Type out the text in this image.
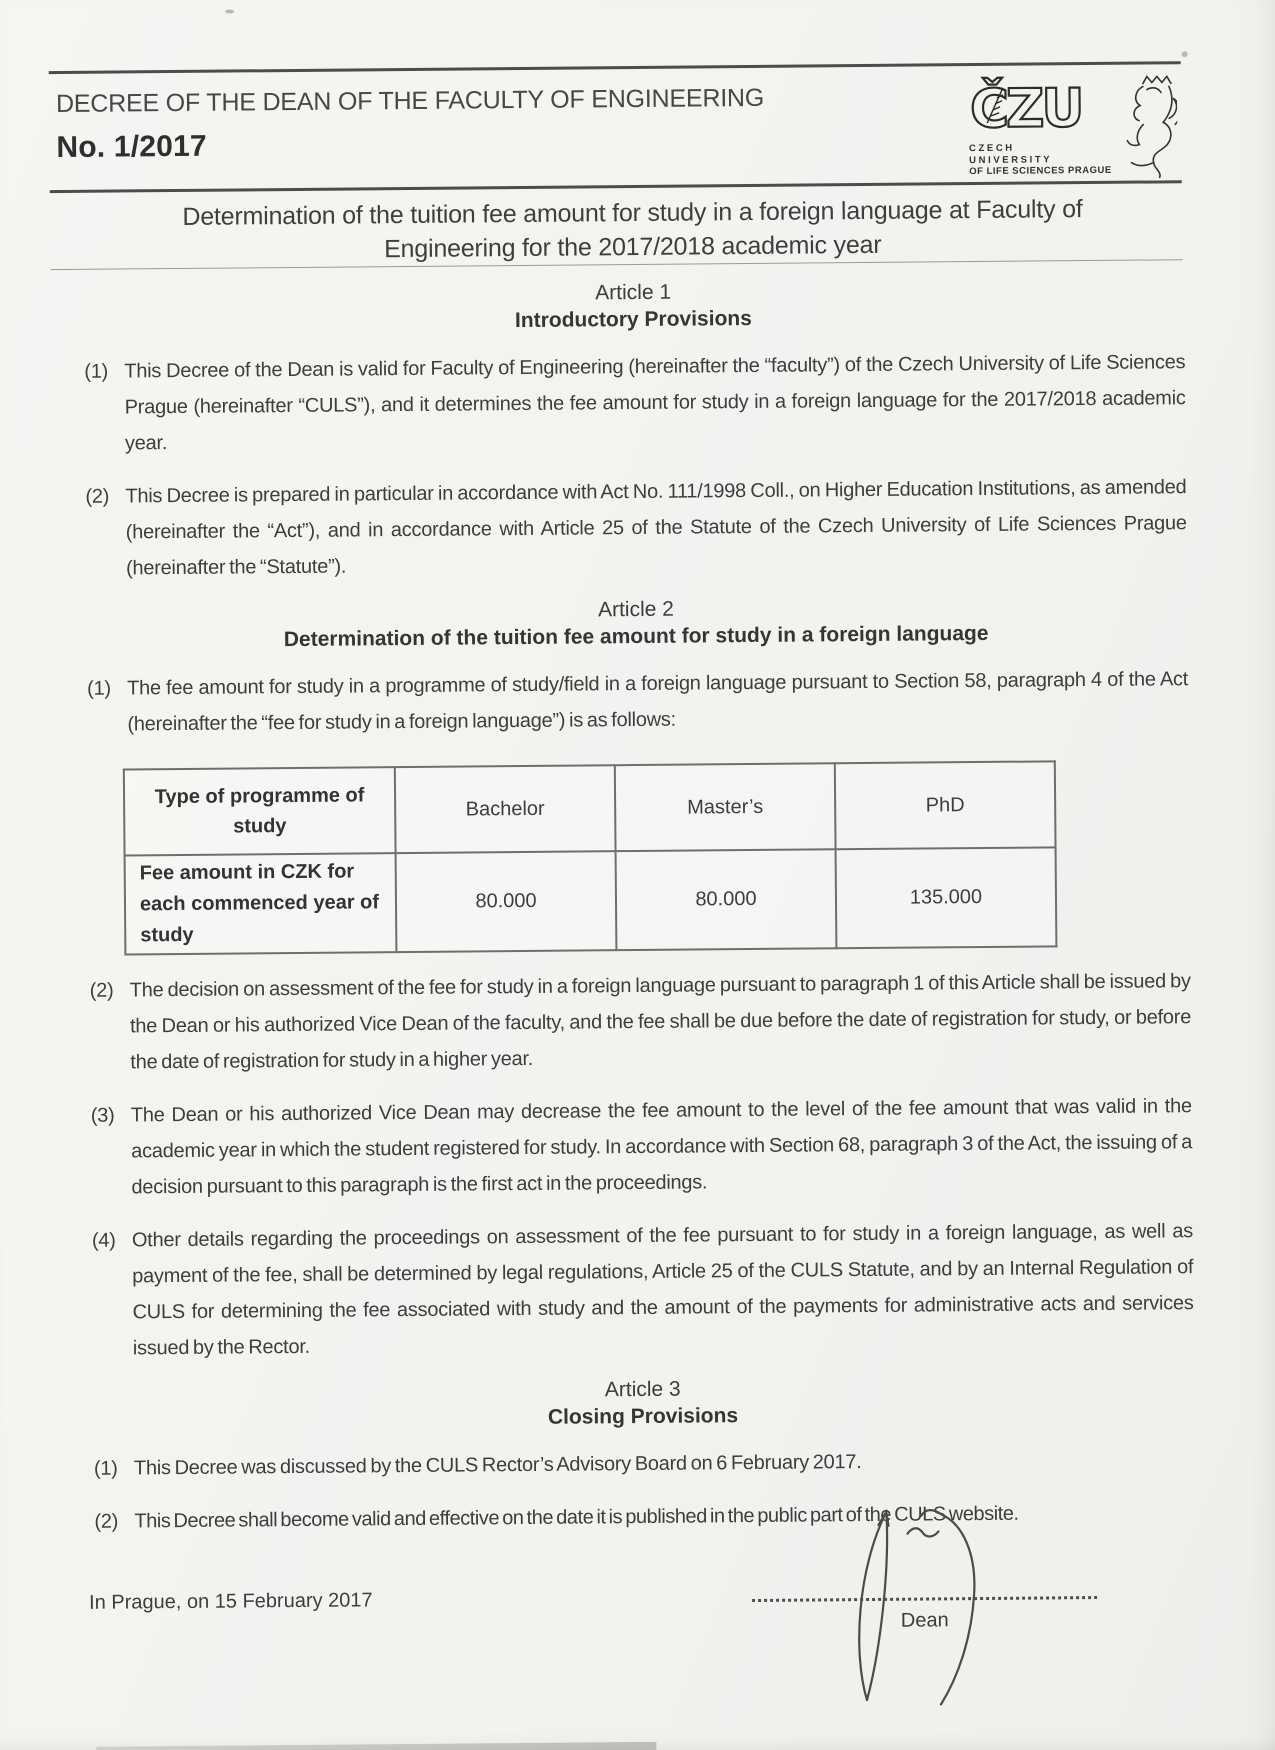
DECREE OF THE DEAN OF THE FACULTY OF ENGINEERING
No. 1/2017
ČZU
CZECH
UNIVERSITY
OF LIFE SCIENCES PRAGUE
Determination of the tuition fee amount for study in a foreign language at Faculty of
Engineering for the 2017/2018 academic year
Article 1
Introductory Provisions
(1) This Decree of the Dean is valid for Faculty of Engineering (hereinafter the “faculty”) of the Czech University of Life Sciences Prague (hereinafter “CULS”), and it determines the fee amount for study in a foreign language for the 2017/2018 academic year.

(2) This Decree is prepared in particular in accordance with Act No. 111/1998 Coll., on Higher Education Institutions, as amended (hereinafter the “Act”), and in accordance with Article 25 of the Statute of the Czech University of Life Sciences Prague (hereinafter the “Statute”).

Article 2
Determination of the tuition fee amount for study in a foreign language
(1) The fee amount for study in a programme of study/field in a foreign language pursuant to Section 58, paragraph 4 of the Act (hereinafter the “fee for study in a foreign language”) is as follows:

Type of programme of study	Bachelor	Master’s	PhD
Fee amount in CZK for each commenced year of study	80.000	80.000	135.000
(2) The decision on assessment of the fee for study in a foreign language pursuant to paragraph 1 of this Article shall be issued by the Dean or his authorized Vice Dean of the faculty, and the fee shall be due before the date of registration for study, or before the date of registration for study in a higher year.

(3) The Dean or his authorized Vice Dean may decrease the fee amount to the level of the fee amount that was valid in the academic year in which the student registered for study. In accordance with Section 68, paragraph 3 of the Act, the issuing of a decision pursuant to this paragraph is the first act in the proceedings.

(4) Other details regarding the proceedings on assessment of the fee pursuant to for study in a foreign language, as well as payment of the fee, shall be determined by legal regulations, Article 25 of the CULS Statute, and by an Internal Regulation of CULS for determining the fee associated with study and the amount of the payments for administrative acts and services issued by the Rector.

Article 3
Closing Provisions
(1) This Decree was discussed by the CULS Rector’s Advisory Board on 6 February 2017.

(2) This Decree shall become valid and effective on the date it is published in the public part of the CULS website.

In Prague, on 15 February 2017
Dean
